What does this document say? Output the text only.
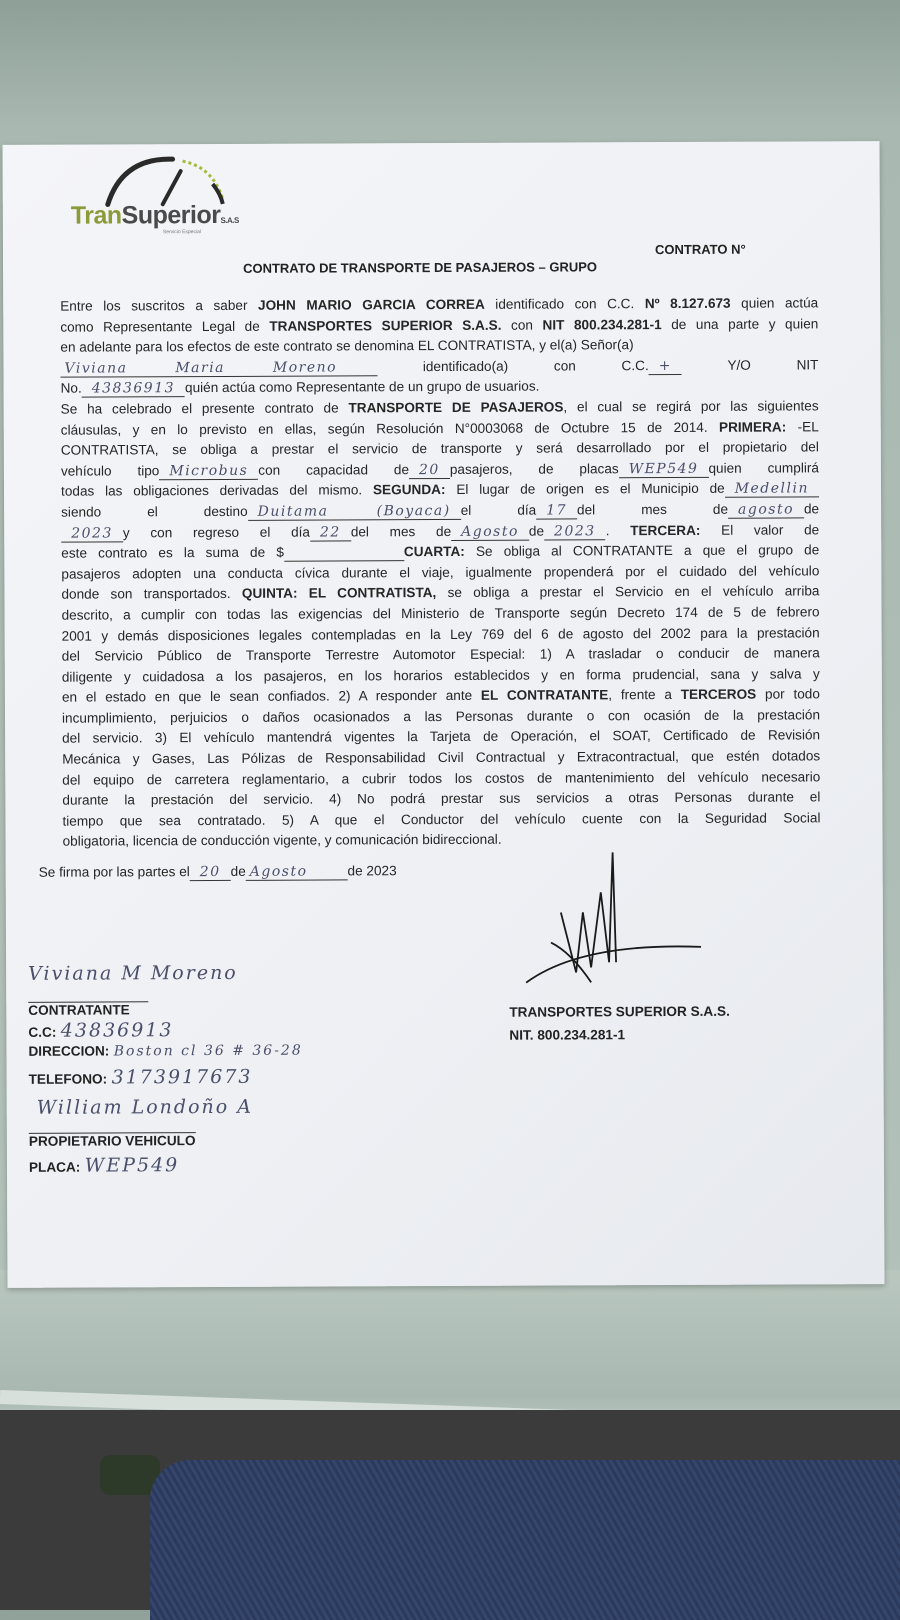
TranSuperiorS.A.S
Servicio Especial
CONTRATO N°
CONTRATO DE TRANSPORTE DE PASAJEROS – GRUPO
Entre los suscritos a saber JOHN MARIO GARCIA CORREA identificado con C.C. Nº 8.127.673 quien actúa
como Representante Legal de TRANSPORTES SUPERIOR S.A.S. con NIT 800.234.281-1 de una parte y quien
en adelante para los efectos de este contrato se denomina EL CONTRATISTA, y el(a) Señor(a)
Viviana Maria Moreno	identificado(a) con C.C. + Y/O NIT
No. 43836913 quién actúa como Representante de un grupo de usuarios.
Se ha celebrado el presente contrato de TRANSPORTE DE PASAJEROS, el cual se regirá por las siguientes
cláusulas, y en lo previsto en ellas, según Resolución N°0003068 de Octubre 15 de 2014. PRIMERA: -EL
CONTRATISTA, se obliga a prestar el servicio de transporte y será desarrollado por el propietario del
vehículo tipo Microbus con capacidad de 20 pasajeros, de placas WEP549 quien cumplirá
todas las obligaciones derivadas del mismo. SEGUNDA: El lugar de origen es el Municipio de Medellin
siendo el destino Duitama (Boyaca) el día 17 del mes de agosto de
2023 y con regreso el día 22 del mes de Agosto de 2023 . TERCERA: El valor de
este contrato es la suma de $	CUARTA: Se obliga al CONTRATANTE a que el grupo de
pasajeros adopten una conducta cívica durante el viaje, igualmente propenderá por el cuidado del vehículo
donde son transportados. QUINTA: EL CONTRATISTA, se obliga a prestar el Servicio en el vehículo arriba
descrito, a cumplir con todas las exigencias del Ministerio de Transporte según Decreto 174 de 5 de febrero
2001 y demás disposiciones legales contempladas en la Ley 769 del 6 de agosto del 2002 para la prestación
del Servicio Público de Transporte Terrestre Automotor Especial: 1) A trasladar o conducir de manera
diligente y cuidadosa a los pasajeros, en los horarios establecidos y en forma prudencial, sana y salva y
en el estado en que le sean confiados. 2) A responder ante EL CONTRATANTE, frente a TERCEROS por todo
incumplimiento, perjuicios o daños ocasionados a las Personas durante o con ocasión de la prestación
del servicio. 3) El vehículo mantendrá vigentes la Tarjeta de Operación, el SOAT, Certificado de Revisión
Mecánica y Gases, Las Pólizas de Responsabilidad Civil Contractual y Extracontractual, que estén dotados
del equipo de carretera reglamentario, a cubrir todos los costos de mantenimiento del vehículo necesario
durante la prestación del servicio. 4) No podrá prestar sus servicios a otras Personas durante el
tiempo que sea contratado. 5) A que el Conductor del vehículo cuente con la Seguridad Social
obligatoria, licencia de conducción vigente, y comunicación bidireccional.
Se firma por las partes el 20 de Agosto	de 2023
Viviana M Moreno
CONTRATANTE
C.C: 43836913
DIRECCION: Boston cl 36 # 36-28
TELEFONO: 3173917673
William Londoño A
PROPIETARIO VEHICULO
PLACA: WEP549
TRANSPORTES SUPERIOR S.A.S.
NIT. 800.234.281-1
